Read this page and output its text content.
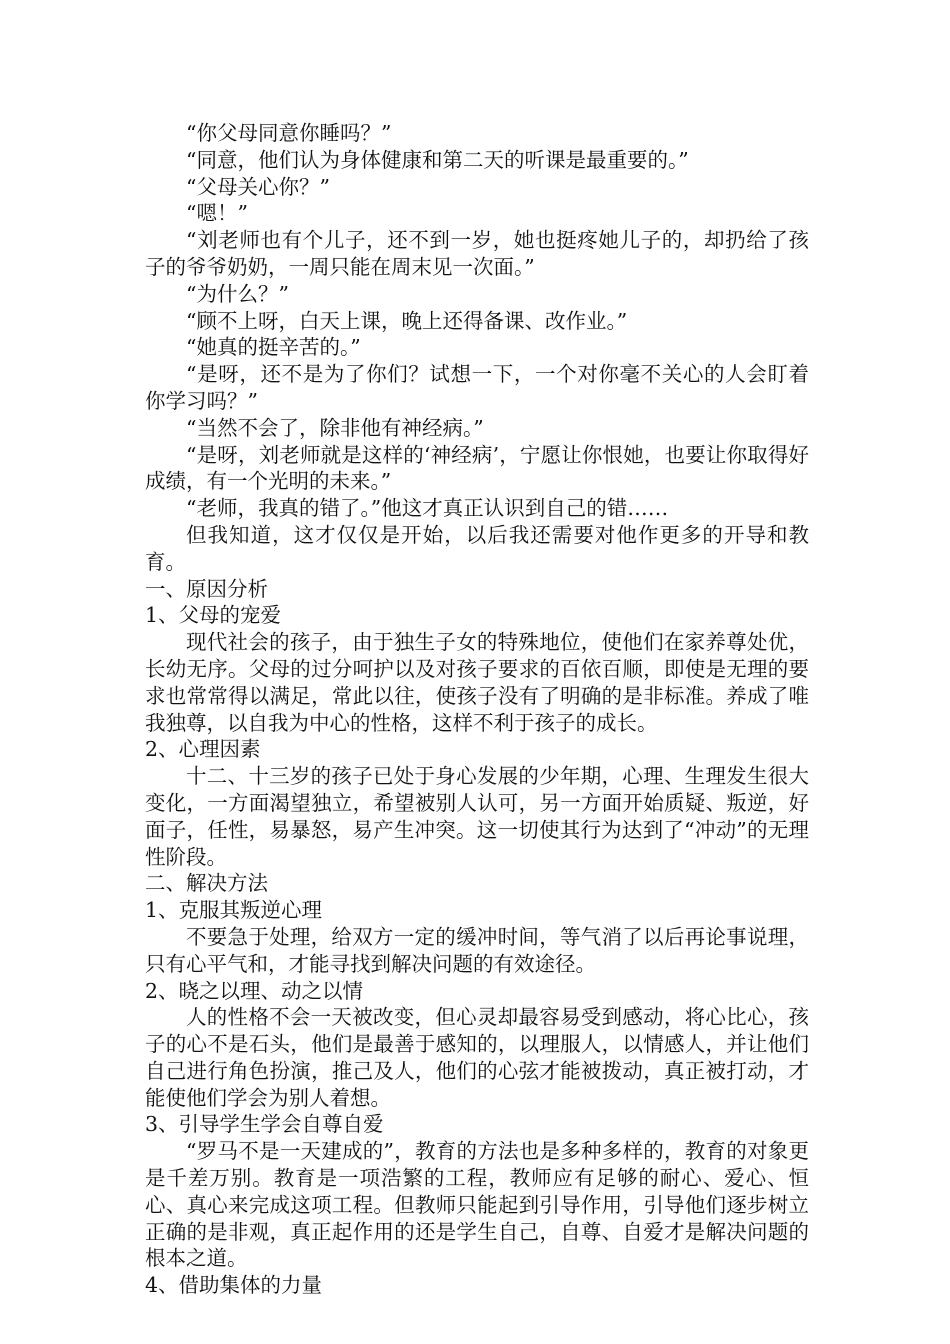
“你父母同意你睡吗？”

“同意，他们认为身体健康和第二天的听课是最重要的。”

“父母关心你？”

“嗯！”

“刘老师也有个儿子，还不到一岁，她也挺疼她儿子的，却扔给了孩子的爷爷奶奶，一周只能在周末见一次面。”

“为什么？”

“顾不上呀，白天上课，晚上还得备课、改作业。”

“她真的挺辛苦的。”

“是呀，还不是为了你们？试想一下，一个对你毫不关心的人会盯着你学习吗？”

“当然不会了，除非他有神经病。”

“是呀，刘老师就是这样的‘神经病’，宁愿让你恨她，也要让你取得好成绩，有一个光明的未来。”

“老师，我真的错了。”他这才真正认识到自己的错……

但我知道，这才仅仅是开始，以后我还需要对他作更多的开导和教育。

一、原因分析

1、父母的宠爱

现代社会的孩子，由于独生子女的特殊地位，使他们在家养尊处优，长幼无序。父母的过分呵护以及对孩子要求的百依百顺，即使是无理的要求也常常得以满足，常此以往，使孩子没有了明确的是非标准。养成了唯我独尊，以自我为中心的性格，这样不利于孩子的成长。

2、心理因素

十二、十三岁的孩子已处于身心发展的少年期，心理、生理发生很大变化，一方面渴望独立，希望被别人认可，另一方面开始质疑、叛逆，好面子，任性，易暴怒，易产生冲突。这一切使其行为达到了“冲动”的无理性阶段。

二、解决方法

1、克服其叛逆心理

不要急于处理，给双方一定的缓冲时间，等气消了以后再论事说理，只有心平气和，才能寻找到解决问题的有效途径。

2、晓之以理、动之以情

人的性格不会一天被改变，但心灵却最容易受到感动，将心比心，孩子的心不是石头，他们是最善于感知的，以理服人，以情感人，并让他们自己进行角色扮演，推己及人，他们的心弦才能被拨动，真正被打动，才能使他们学会为别人着想。

3、引导学生学会自尊自爱

“罗马不是一天建成的”，教育的方法也是多种多样的，教育的对象更是千差万别。教育是一项浩繁的工程，教师应有足够的耐心、爱心、恒心、真心来完成这项工程。但教师只能起到引导作用，引导他们逐步树立正确的是非观，真正起作用的还是学生自己，自尊、自爱才是解决问题的根本之道。

4、借助集体的力量
